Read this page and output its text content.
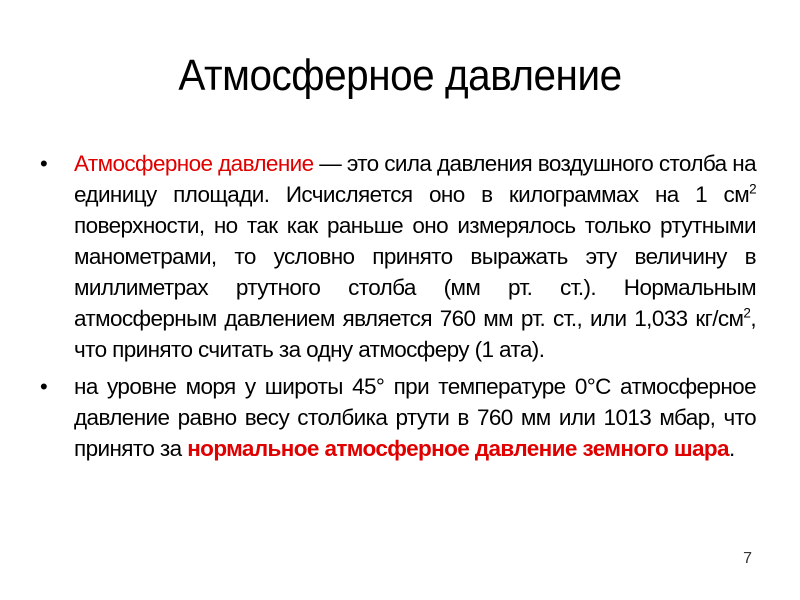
Атмосферное давление
•	Атмосферное давление — это сила давления воздушного столба на единицу площади. Исчисляется оно в килограммах на 1 $см^2$ поверхности, но так как раньше оно измерялось только ртутными манометрами, то условно принято выражать эту величину в миллиметрах ртутного столба (мм рт. ст.). Нормальным атмосферным давлением является 760 мм рт. ст., или 1,033 $кг/см^2$, что принято считать за одну атмосферу (1 ата).
•	на уровне моря у широты 45° при температуре 0°С атмосферное давление равно весу столбика ртути в 760 мм или 1013 мбар, что принято за нормальное атмосферное давление земного шара.
7
